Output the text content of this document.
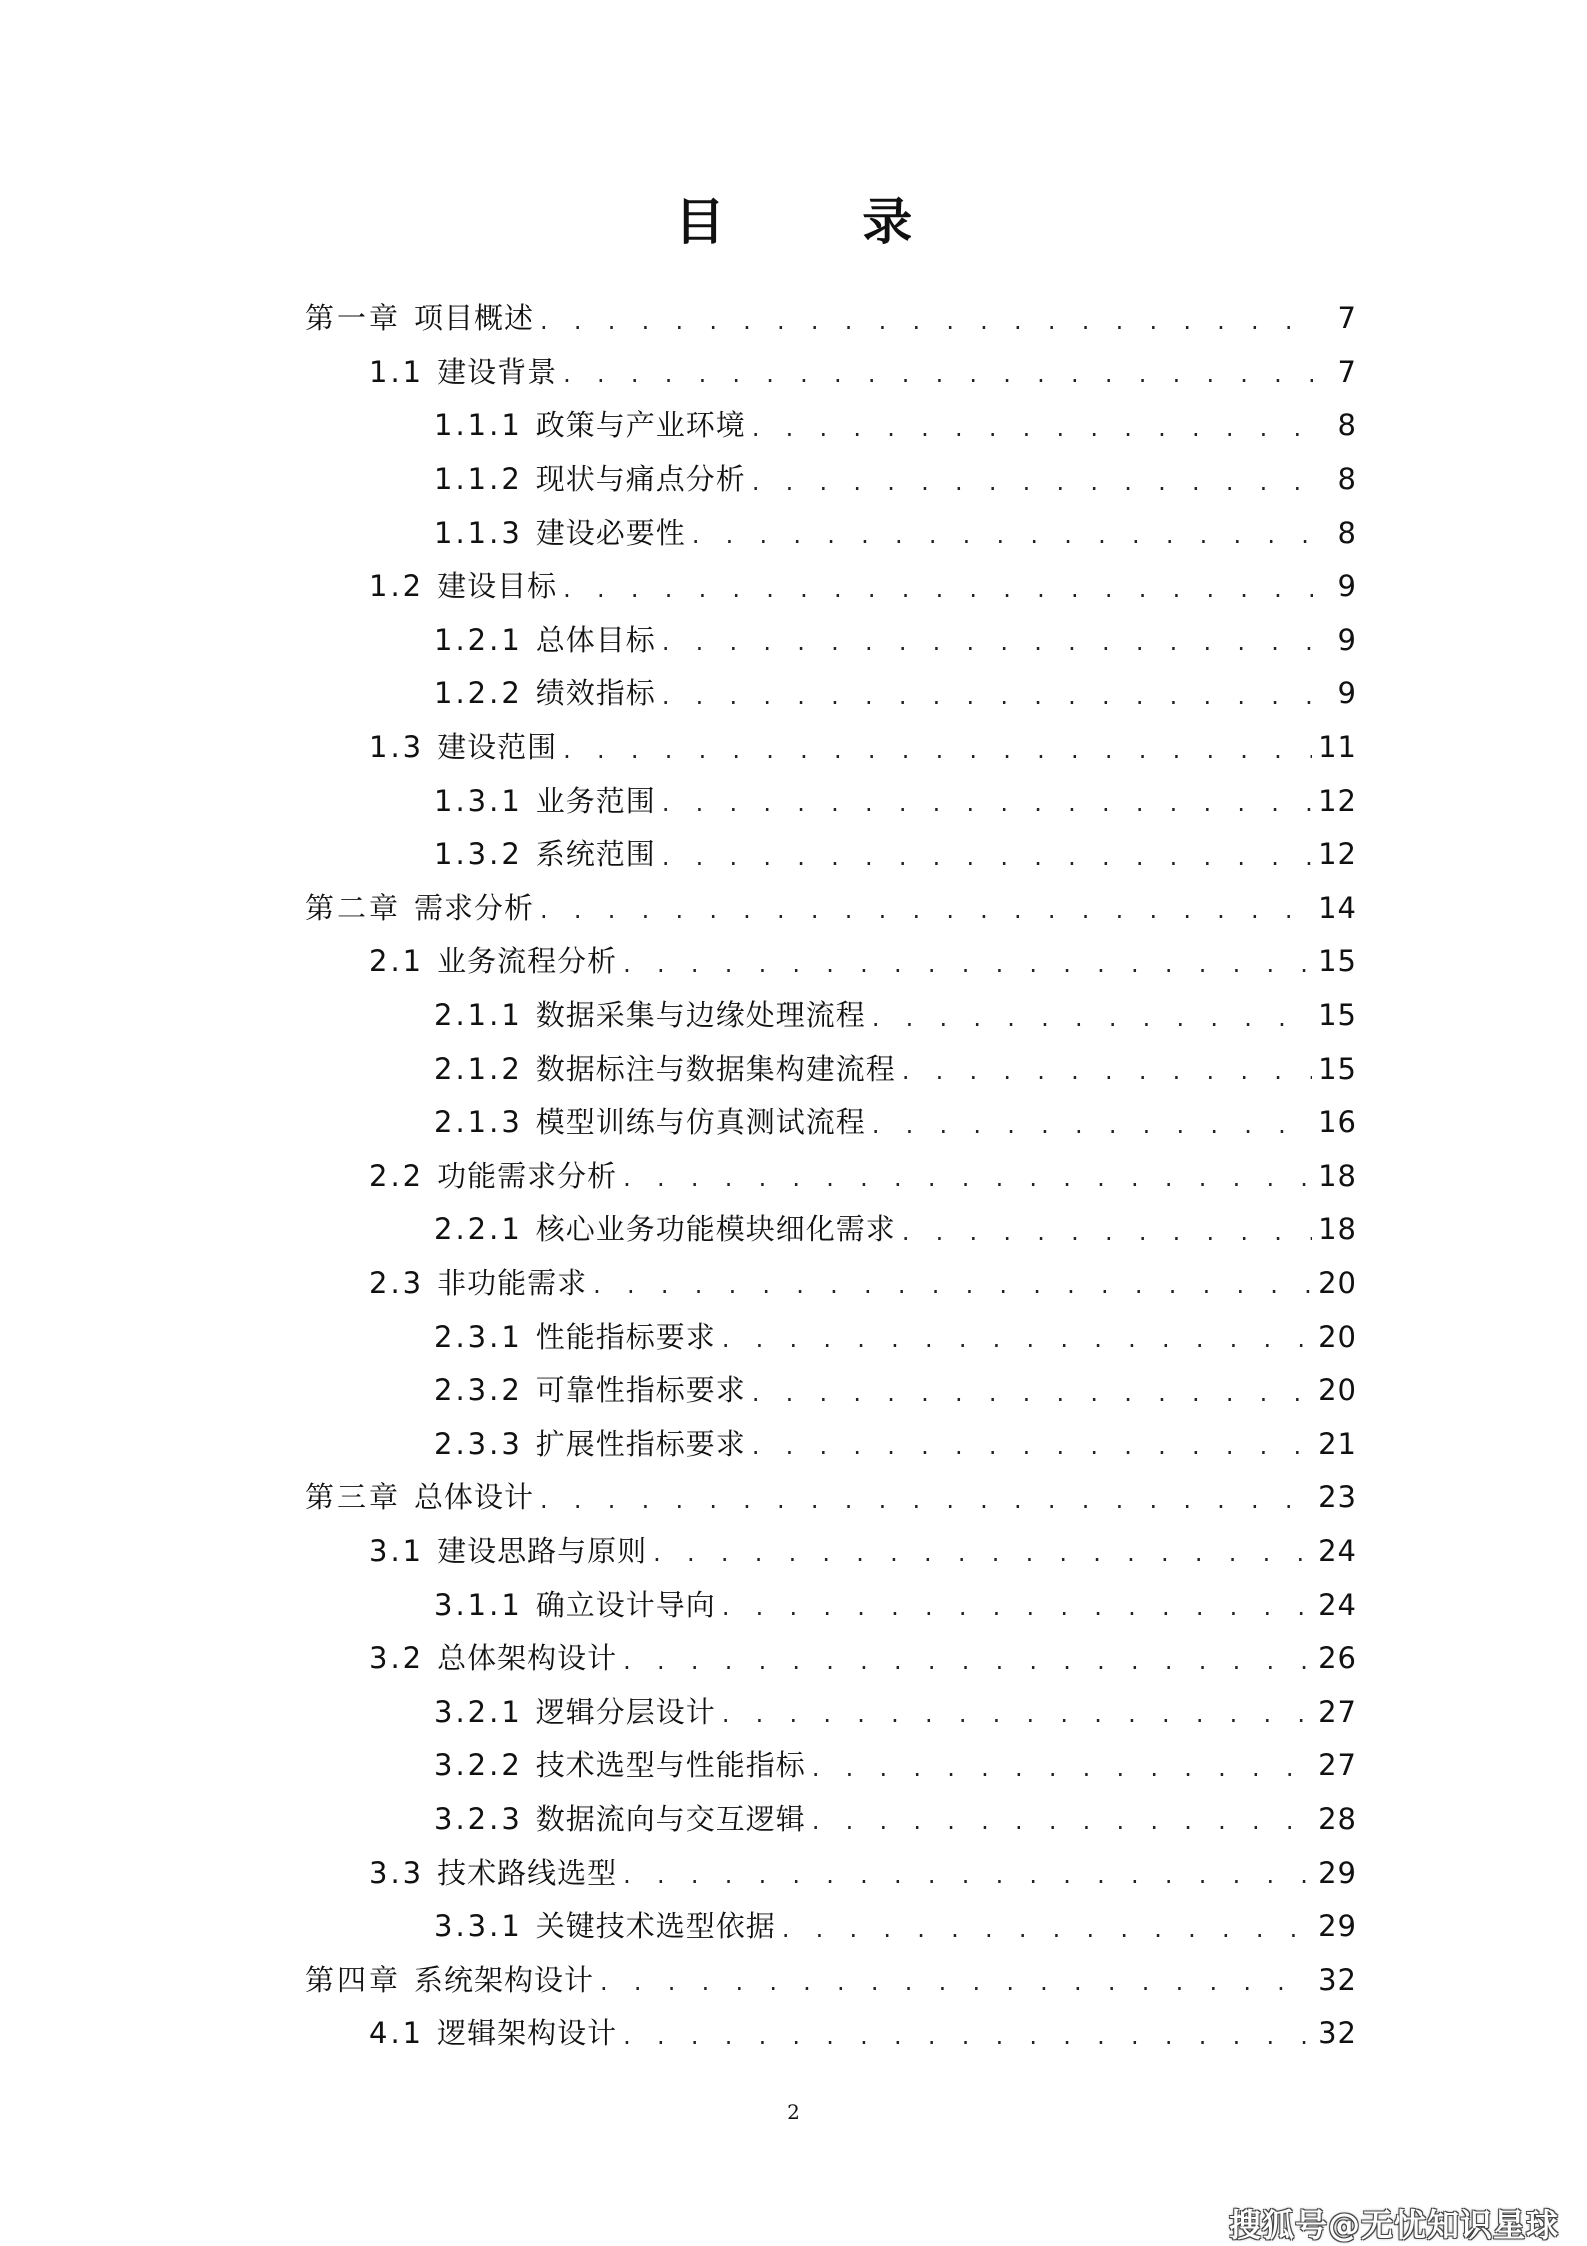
目 录
第一章 项目概述 . . .	7
1.1 建设背景 . . .	7
1.1.1 政策与产业环境 . . .	8
1.1.2 现状与痛点分析 . . .	8
1.1.3 建设必要性 . . .	8
1.2 建设目标 . . .	9
1.2.1 总体目标 . . .	9
1.2.2 绩效指标 . . .	9
1.3 建设范围 . . .	11
1.3.1 业务范围 . . .	12
1.3.2 系统范围 . . .	12
第二章 需求分析 . . .	14
2.1 业务流程分析 . . .	15
2.1.1 数据采集与边缘处理流程 . . .	15
2.1.2 数据标注与数据集构建流程 . . .	15
2.1.3 模型训练与仿真测试流程 . . .	16
2.2 功能需求分析 . . .	18
2.2.1 核心业务功能模块细化需求 . . .	18
2.3 非功能需求 . . .	20
2.3.1 性能指标要求 . . .	20
2.3.2 可靠性指标要求 . . .	20
2.3.3 扩展性指标要求 . . .	21
第三章 总体设计 . . .	23
3.1 建设思路与原则 . . .	24
3.1.1 确立设计导向 . . .	24
3.2 总体架构设计 . . .	26
3.2.1 逻辑分层设计 . . .	27
3.2.2 技术选型与性能指标 . . .	27
3.2.3 数据流向与交互逻辑 . . .	28
3.3 技术路线选型 . . .	29
3.3.1 关键技术选型依据 . . .	29
第四章 系统架构设计 . . .	32
4.1 逻辑架构设计 . . .	32
2
搜狐号@无忧知识星球
